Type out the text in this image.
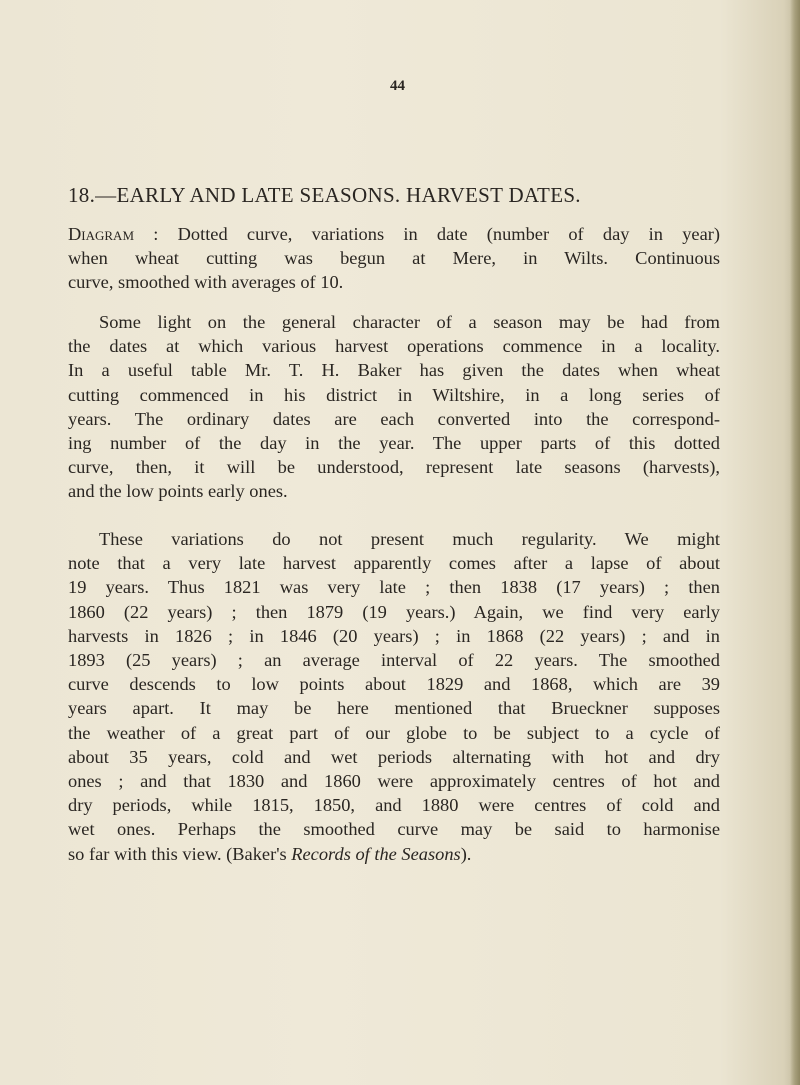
44
18.—EARLY AND LATE SEASONS. HARVEST DATES.
Diagram : Dotted curve, variations in date (number of day in year)
when wheat cutting was begun at Mere, in Wilts. Continuous
curve, smoothed with averages of 10.
Some light on the general character of a season may be had from
the dates at which various harvest operations commence in a locality.
In a useful table Mr. T. H. Baker has given the dates when wheat
cutting commenced in his district in Wiltshire, in a long series of
years. The ordinary dates are each converted into the correspond-
ing number of the day in the year. The upper parts of this dotted
curve, then, it will be understood, represent late seasons (harvests),
and the low points early ones.
These variations do not present much regularity. We might
note that a very late harvest apparently comes after a lapse of about
19 years. Thus 1821 was very late ; then 1838 (17 years) ; then
1860 (22 years) ; then 1879 (19 years.) Again, we find very early
harvests in 1826 ; in 1846 (20 years) ; in 1868 (22 years) ; and in
1893 (25 years) ; an average interval of 22 years. The smoothed
curve descends to low points about 1829 and 1868, which are 39
years apart. It may be here mentioned that Brueckner supposes
the weather of a great part of our globe to be subject to a cycle of
about 35 years, cold and wet periods alternating with hot and dry
ones ; and that 1830 and 1860 were approximately centres of hot and
dry periods, while 1815, 1850, and 1880 were centres of cold and
wet ones. Perhaps the smoothed curve may be said to harmonise
so far with this view. (Baker's Records of the Seasons).
